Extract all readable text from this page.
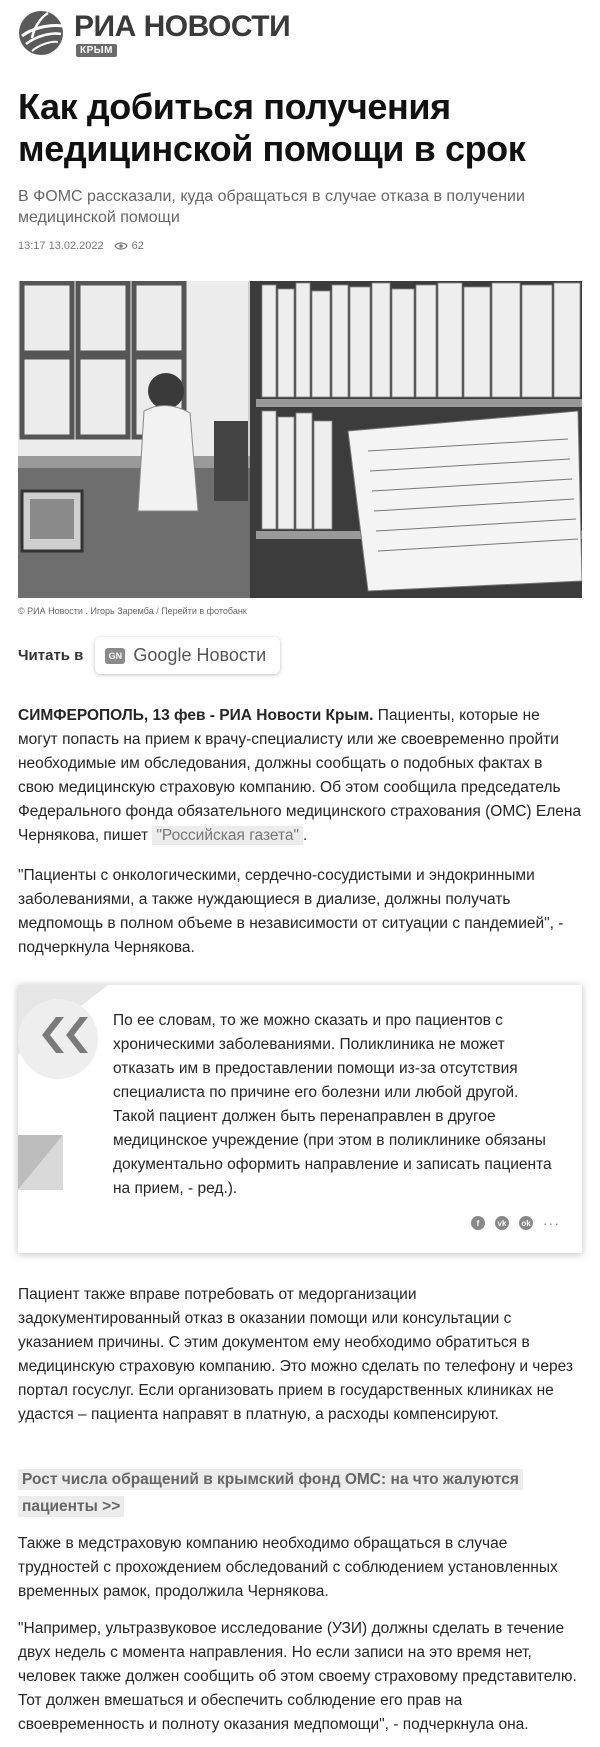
РИА НОВОСТИ
КРЫМ
Как добиться получения медицинской помощи в срок
В ФОМС рассказали, куда обращаться в случае отказа в получении медицинской помощи
13:17 13.02.2022	62
© РИА Новости . Игорь Заремба / Перейти в фотобанк
Читать в	GN Google Новости

СИМФЕРОПОЛЬ, 13 фев - РИА Новости Крым. Пациенты, которые не могут попасть на прием к врачу-специалисту или же своевременно пройти необходимые им обследования, должны сообщать о подобных фактах в свою медицинскую страховую компанию. Об этом сообщила председатель Федерального фонда обязательного медицинского страхования (ОМС) Елена Чернякова, пишет "Российская газета" .

"Пациенты с онкологическими, сердечно-сосудистыми и эндокринными заболеваниями, а также нуждающиеся в диализе, должны получать медпомощь в полном объеме в независимости от ситуации с пандемией", - подчеркнула Чернякова.

По ее словам, то же можно сказать и про пациентов с хроническими заболеваниями. Поликлиника не может отказать им в предоставлении помощи из-за отсутствия специалиста по причине его болезни или любой другой. Такой пациент должен быть перенаправлен в другое медицинское учреждение (при этом в поликлинике обязаны документально оформить направление и записать пациента на прием, - ред.).
f	vk	ok ···

Пациент также вправе потребовать от медорганизации задокументированный отказ в оказании помощи или консультации с указанием причины. С этим документом ему необходимо обратиться в медицинскую страховую компанию. Это можно сделать по телефону и через портал госуслуг. Если организовать прием в государственных клиниках не удастся – пациента направят в платную, а расходы компенсируют.

Рост числа обращений в крымский фонд ОМС: на что жалуются пациенты >>

Также в медстраховую компанию необходимо обращаться в случае трудностей с прохождением обследований с соблюдением установленных временных рамок, продолжила Чернякова.

"Например, ультразвуковое исследование (УЗИ) должны сделать в течение двух недель с момента направления. Но если записи на это время нет, человек также должен сообщить об этом своему страховому представителю. Тот должен вмешаться и обеспечить соблюдение его прав на своевременность и полноту оказания медпомощи", - подчеркнула она.
